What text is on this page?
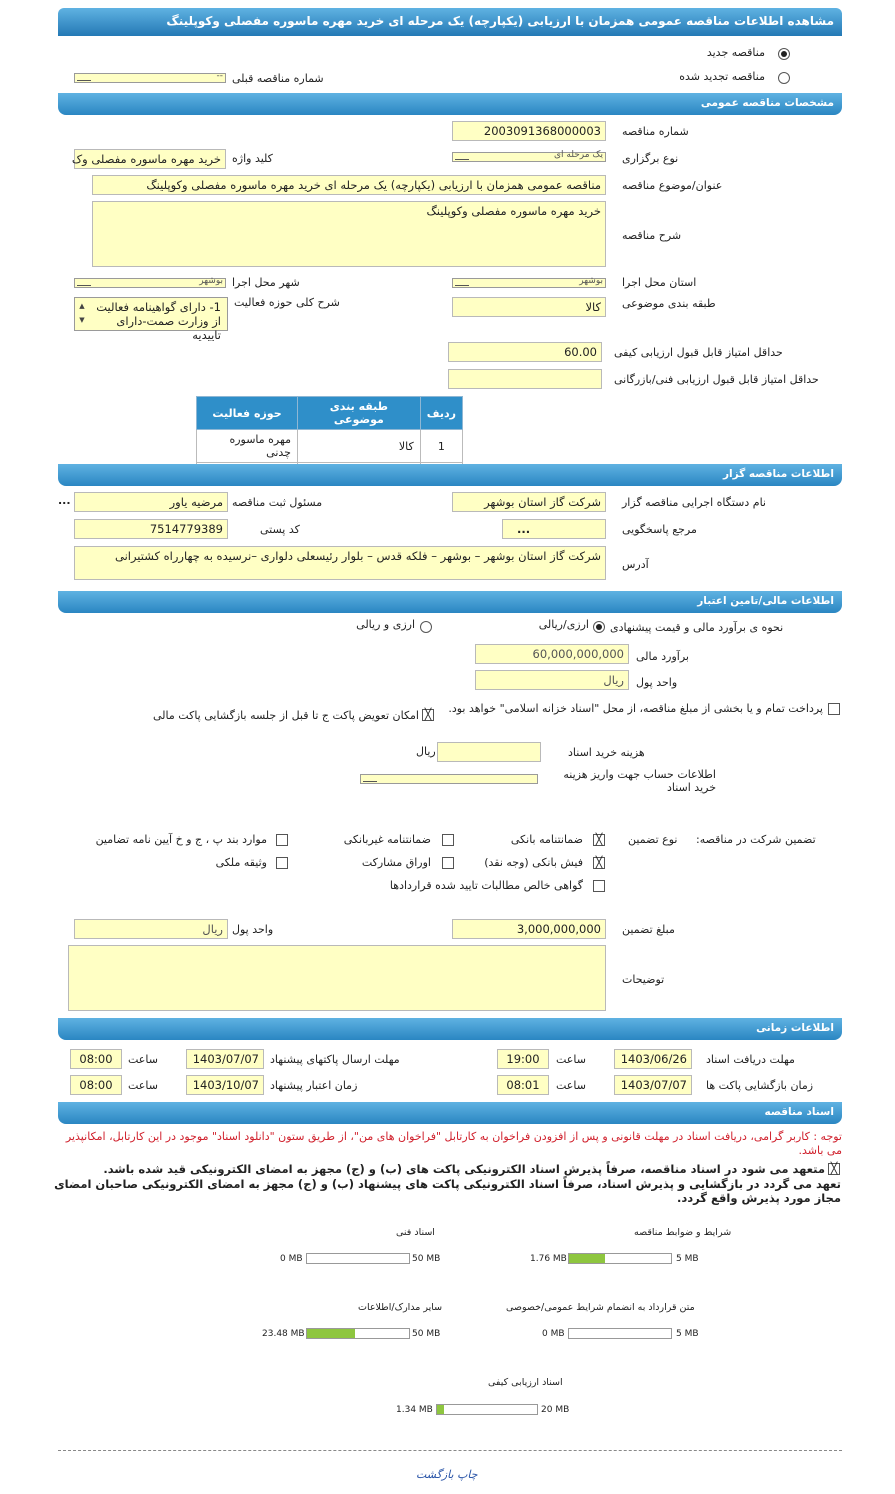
مشاهده اطلاعات مناقصه عمومی همزمان با ارزیابی (یکپارچه) یک مرحله ای خرید مهره ماسوره مفصلی وکوپلینگ
مناقصه جدید
مناقصه تجدید شده
-- شماره مناقصه قبلی
مشخصات مناقصه عمومی
2003091368000003	شماره مناقصه
یک مرحله ای نوع برگزاری
خرید مهره ماسوره مفصلی وک	کلید واژه
مناقصه عمومی همزمان با ارزیابی (یکپارچه) یک مرحله ای خرید مهره ماسوره مفصلی وکوپلینگ	عنوان/موضوع مناقصه
خرید مهره ماسوره مفصلی وکوپلینگ
شرح مناقصه
بوشهر استان محل اجرا
بوشهر شهر محل اجرا
کالا	طبقه بندی موضوعی
شرح کلی حوزه فعالیت
1- دارای گواهینامه فعالیت از وزارت صمت-دارای تاییدیه
▲
▼
60.00	حداقل امتیاز قابل قبول ارزیابی کیفی
حداقل امتیاز قابل قبول ارزیابی فنی/بازرگانی
ردیف	طبقه بندی موضوعی	حوزه فعالیت
1	کالا	مهره ماسوره چدنی

اطلاعات مناقصه گزار
شرکت گاز استان بوشهر	نام دستگاه اجرایی مناقصه گزار
مرضیه یاور مسئول ثبت مناقصه
...
...	مرجع پاسخگویی
7514779389	کد پستی
شرکت گاز استان بوشهر – بوشهر – فلکه قدس – بلوار رئیسعلی دلواری –نرسیده به چهارراه کشتیرانی
آدرس
اطلاعات مالی/تامین اعتبار
نحوه ی برآورد مالی و قیمت پیشنهادی
ارزی/ریالی
ارزی و ریالی
60,000,000,000	برآورد مالی
ریال	واحد پول
پرداخت تمام و یا بخشی از مبلغ مناقصه، از محل "اسناد خزانه اسلامی" خواهد بود.
╳
امکان تعویض پاکت ج تا قبل از جلسه بازگشایی پاکت مالی
ریال	هزینه خرید اسناد
اطلاعات حساب جهت واریز هزینه خرید اسناد
تضمین شرکت در مناقصه:
نوع تضمین
╳
ضمانتنامه بانکی
ضمانتنامه غیربانکی
موارد بند پ ، ج و خ آیین نامه تضامین
╳
فیش بانکی (وجه نقد)
اوراق مشارکت
وثیقه ملکی
گواهی خالص مطالبات تایید شده قراردادها
3,000,000,000	مبلغ تضمین
ریال واحد پول
توضیحات
اطلاعات زمانی
1403/06/26	مهلت دریافت اسناد
19:00	ساعت
1403/07/07	مهلت ارسال پاکتهای پیشنهاد
08:00	ساعت
1403/07/07	زمان بازگشایی پاکت ها
08:01	ساعت
1403/10/07	زمان اعتبار پیشنهاد
08:00	ساعت
اسناد مناقصه
توجه : کاربر گرامی، دریافت اسناد در مهلت قانونی و پس از افزودن فراخوان به کارتابل "فراخوان های من"، از طریق ستون "دانلود اسناد" موجود در این کارتابل، امکانپذیر می باشد.
╳
متعهد می شود در اسناد مناقصه، صرفاً پذیرش اسناد الکترونیکی پاکت های (ب) و (ج) مجهز به امضای الکترونیکی قید شده باشد.
تعهد می گردد در بازگشایی و پذیرش اسناد، صرفاً اسناد الکترونیکی پاکت های پیشنهاد (ب) و (ج) مجهز به امضای الکترونیکی صاحبان امضای مجاز مورد پذیرش واقع گردد.
شرایط و ضوابط مناقصه
5 MB
1.76 MB
اسناد فنی
50 MB
0 MB
متن قرارداد به انضمام شرایط عمومی/خصوصی
5 MB
0 MB
سایر مدارک/اطلاعات
50 MB
23.48 MB
اسناد ارزیابی کیفی
20 MB
1.34 MB
چاپ بازگشت
